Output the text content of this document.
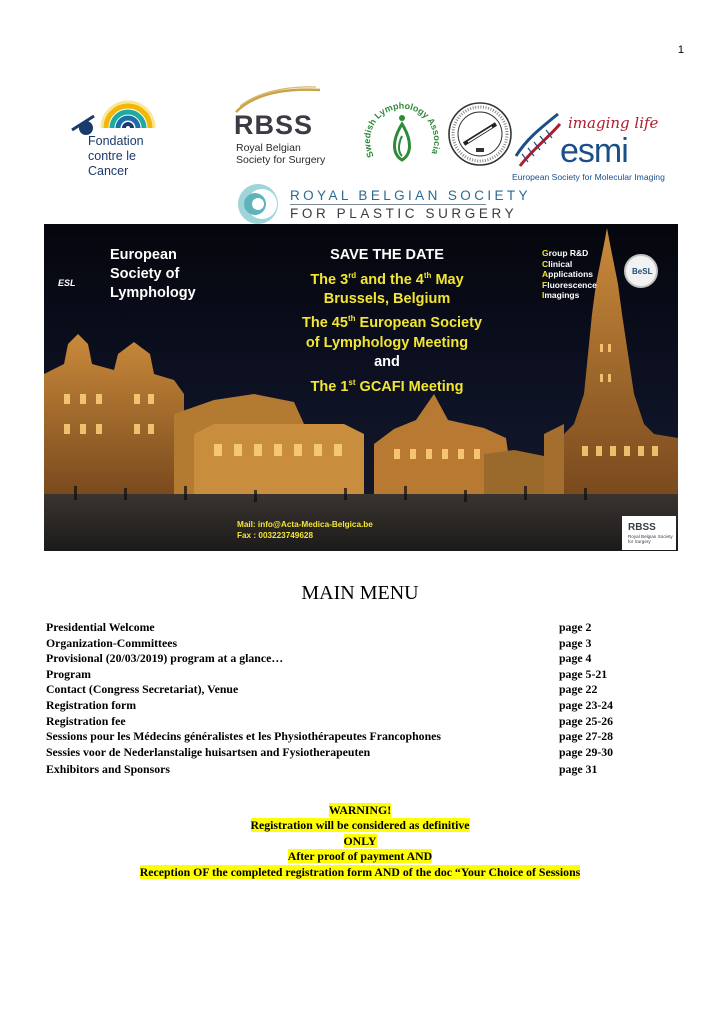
1
Fondation
contre le Cancer
RBSS
Royal Belgian
Society for Surgery	Swedish Lymphology Associa
imaging life
esmi
European Society for Molecular Imaging
ROYAL BELGIAN SOCIETY
FOR PLASTIC SURGERY
ESL
European
Society of
Lymphology
SAVE THE DATE
The 3rd and the 4th May
Brussels, Belgium
The 45th European Society
of Lymphology Meeting
and
The 1st GCAFI Meeting
Group R&D
Clinical
Applications
Fluorescence
Imagings
BeSL
Mail: info@Acta-Medica-Belgica.be
Fax : 003223749628
RBSS
Royal Belgian Society for Surgery
MAIN MENU
Presidential Welcome	page 2
Organization-Committees	page 3
Provisional (20/03/2019) program at a glance…	page 4
Program	page 5-21
Contact (Congress Secretariat), Venue	page 22
Registration form	page 23-24
Registration fee	page 25-26
Sessions pour les Médecins généralistes et les Physiothérapeutes Francophones	page 27-28
Sessies voor de Nederlanstalige huisartsen and Fysiotherapeuten	page 29-30
Exhibitors and Sponsors	page 31
WARNING!
Registration will be considered as definitive
ONLY
After proof of payment AND
Reception OF the completed registration form AND of the doc “Your Choice of Sessions
